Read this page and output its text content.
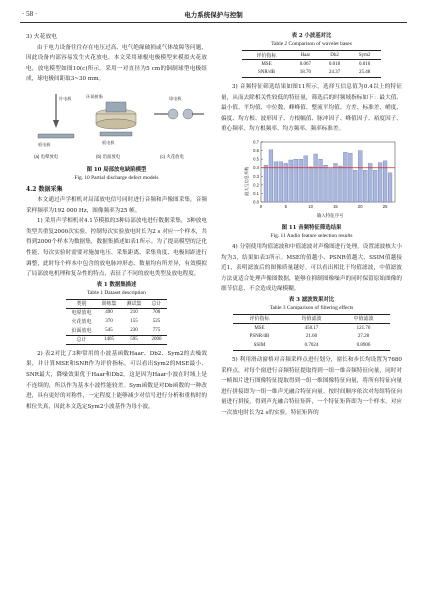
· 58 ·	电力系统保护与控制
3) 火花放电
由于电力设备往往存在电压过高、电气绝缘破损或气体故障等问题，因此设备内部容易发生火花放电。本文采用球棍电极模型来模拟火花放电，放电模型如图10(c)所示。采用一对直径为5 cm的铜制球型电极组成，球电极间距取3~30 mm。
针电极
板电极
(a) 电晕放电
环氧树脂
板电极
(b) 沿面放电
球电极
(c) 火花放电
图 10 局部放电缺陷模型
Fig. 10 Partial discharge defect models
4.2 数据采集
本文通过声学相机对局部放电信号同时进行音频和声像图采集，音频采样频率为192 000 Hz，图像频率为25 帧。
1) 采用声学相机对4.1节模拟的3种局部放电进行数据采集，3种放电类型共重复2000次实验，控制每次实验放电时长为2 s 对应一个样本，共得到2000个样本为数据集，数据集描述如表1所示。为了提高模型的泛化性能，每次实验时需要对施加电压、采集距离、采集角度、电极间距进行调整，此时每个样本中包含的放电脉冲形态、数量均有所差异，有效模拟了局部放电机理和复杂性的特点，表征了不同的放电类型及放电程度。
表 1 数据集描述
Table 1 Dataset description
类别	训练集	测试集	总计
电晕放电	490	210	700
火花放电	370	155	525
沿面放电	545	230	775
总计	1405	595	2000
2) 表2对比了3种常用的小波基函数Haar、Db2、Sym2的去噪效果，并计算MSE和SNR作为评价指标。可以看出Sym2的MSE最小、SNR最大，降噪效果优于Haar和Db2。这是因为Haar小波在时域上是不连续的，所以作为基本小波性能较差。Sym函数是对Db函数的一种改进，具有更好的对称性，一定程度上能够减少对信号进行分析和重构时的相位失真，因此本文选定Sym2小波基作为母小波。
表 2 小波基对比
Table 2 Comparison of wavelet bases
评价指标	Haar	Db2	Sym2
MSE	0.067	0.018	0.016
SNR/dB	18.70	24.37	25.48
3) 音频特征筛选结果如图11所示，选择互信息值为0.4以上的特征量，从而去除相关性较低的特征量，筛选后的时频域指标如下：最大值、最小值、平均值、中位数、峰峰值、整流平均值、方差、标准差、峭度、偏度、均方根、波形因子、方根幅值、脉冲因子、峰值因子、裕度因子、重心频率、均方根频率、均方频率、频率标准差。
0.0
0.1
0.2
0.3
0.4
0.5
0.6
0.7
0	5	10	15	20	25
最大互信息系数
输入特征序号
图 11 音频特征筛选结果
Fig. 11 Audio feature selection results
4) 分别使用均值滤波和中值滤波对声像图进行处理，设置滤波核大小均为3，结果如表3所示。MSE的值越小、PSNR值越大、SSIM值越接近1，表明滤波后的图像质量越好。可以看出相比于均值滤波，中值滤波方法更适合处理声像图数据，能够在抑制图像噪声的同时保留原始图像的细节信息，不会造成边缘模糊。
表 3 滤波效果对比
Table 3 Comparison of filtering effects
评价指标	均值滤波	中值滤波
MSE	450.17	121.76
PSNR/dB	21.60	27.28
SSIM	0.7024	0.8906
5) 利用滑动窗格对音频采样点进行划分，窗长和步长均设置为7680采样点，对每个窗进行音频特征提取得到一组一维音频特征向量，同时对一帧图片进行图像特征提取得到一组一维图像特征向量，将所有特征向量进行拼接即为一组一维声光融合特征向量。按时间顺序依次对每组特征向量进行拼接，得到声光融合特征矩阵，一个特征矩阵即为一个样本，对应一次放电时长为2 s的实验。特征矩阵的
